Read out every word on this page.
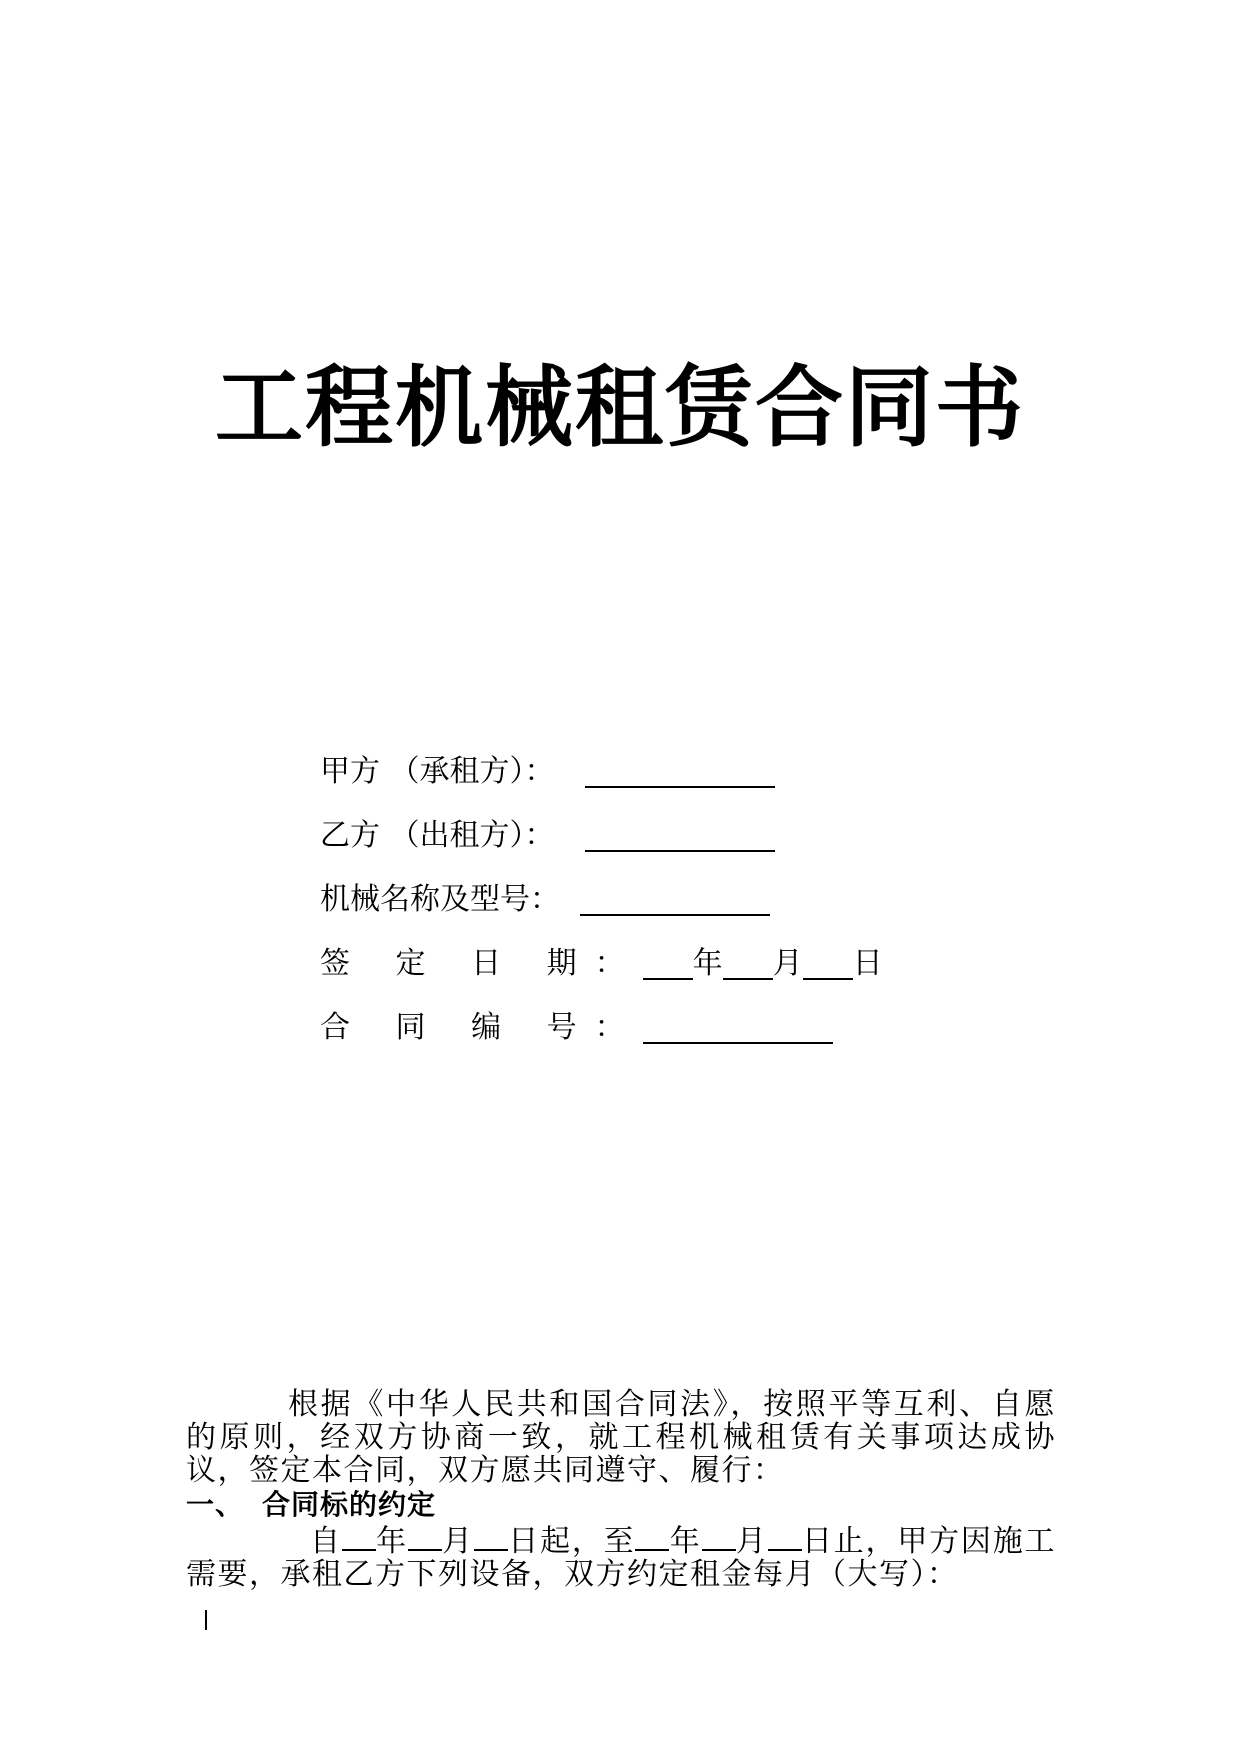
工程机械租赁合同书
甲方 （承租方）：
乙方 （出租方）：
机械名称及型号：
签 定 日 期： 年 月 日
合 同 编 号：

根据《中华人民共和国合同法》，按照平等互利、自愿的原则，经双方协商一致，就工程机械租赁有关事项达成协议，签定本合同，双方愿共同遵守、履行：

一、 合同标的约定

自 年 月 日起，至 年 月 日止，甲方因施工需要，承租乙方下列设备，双方约定租金每月（大写）：
